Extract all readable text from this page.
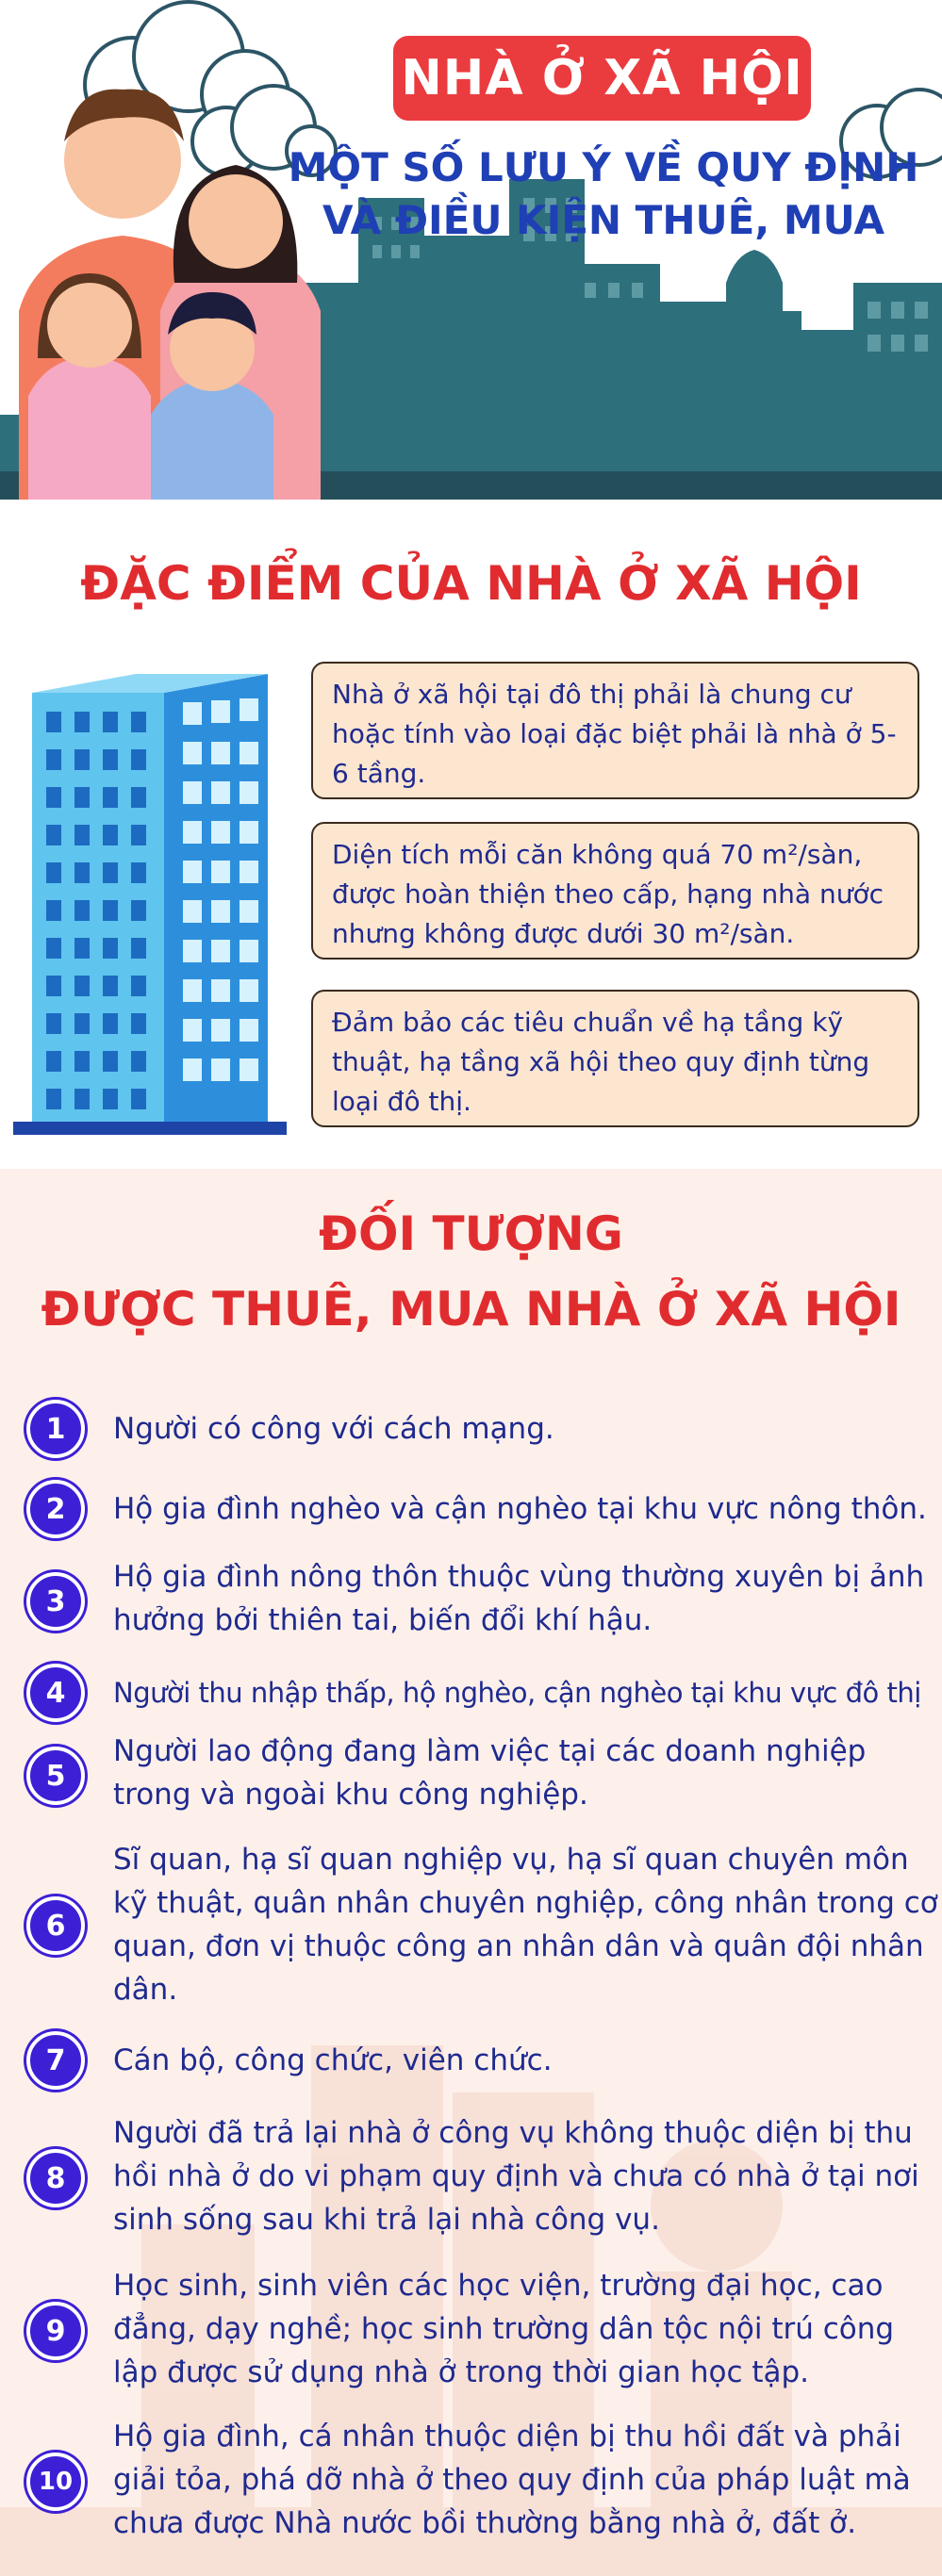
NHÀ Ở XÃ HỘI
MỘT SỐ LƯU Ý VỀ QUY ĐỊNH
VÀ ĐIỀU KIỆN THUÊ, MUA
ĐẶC ĐIỂM CỦA NHÀ Ở XÃ HỘI
Nhà ở xã hội tại đô thị phải là chung cư hoặc tính vào loại đặc biệt phải là nhà ở 5-6 tầng.
Diện tích mỗi căn không quá 70 m²/sàn, được hoàn thiện theo cấp, hạng nhà nước nhưng không được dưới 30 m²/sàn.
Đảm bảo các tiêu chuẩn về hạ tầng kỹ thuật, hạ tầng xã hội theo quy định từng loại đô thị.
ĐỐI TƯỢNG
ĐƯỢC THUÊ, MUA NHÀ Ở XÃ HỘI
1	Người có công với cách mạng.
2	Hộ gia đình nghèo và cận nghèo tại khu vực nông thôn.
3
Hộ gia đình nông thôn thuộc vùng thường xuyên bị ảnh hưởng bởi thiên tai, biến đổi khí hậu.
4	Người thu nhập thấp, hộ nghèo, cận nghèo tại khu vực đô thị
5
Người lao động đang làm việc tại các doanh nghiệp trong và ngoài khu công nghiệp.
6
Sĩ quan, hạ sĩ quan nghiệp vụ, hạ sĩ quan chuyên môn kỹ thuật, quân nhân chuyên nghiệp, công nhân trong cơ quan, đơn vị thuộc công an nhân dân và quân đội nhân dân.
7	Cán bộ, công chức, viên chức.
8
Người đã trả lại nhà ở công vụ không thuộc diện bị thu hồi nhà ở do vi phạm quy định và chưa có nhà ở tại nơi sinh sống sau khi trả lại nhà công vụ.
9
Học sinh, sinh viên các học viện, trường đại học, cao đẳng, dạy nghề; học sinh trường dân tộc nội trú công lập được sử dụng nhà ở trong thời gian học tập.
10
Hộ gia đình, cá nhân thuộc diện bị thu hồi đất và phải giải tỏa, phá dỡ nhà ở theo quy định của pháp luật mà chưa được Nhà nước bồi thường bằng nhà ở, đất ở.
